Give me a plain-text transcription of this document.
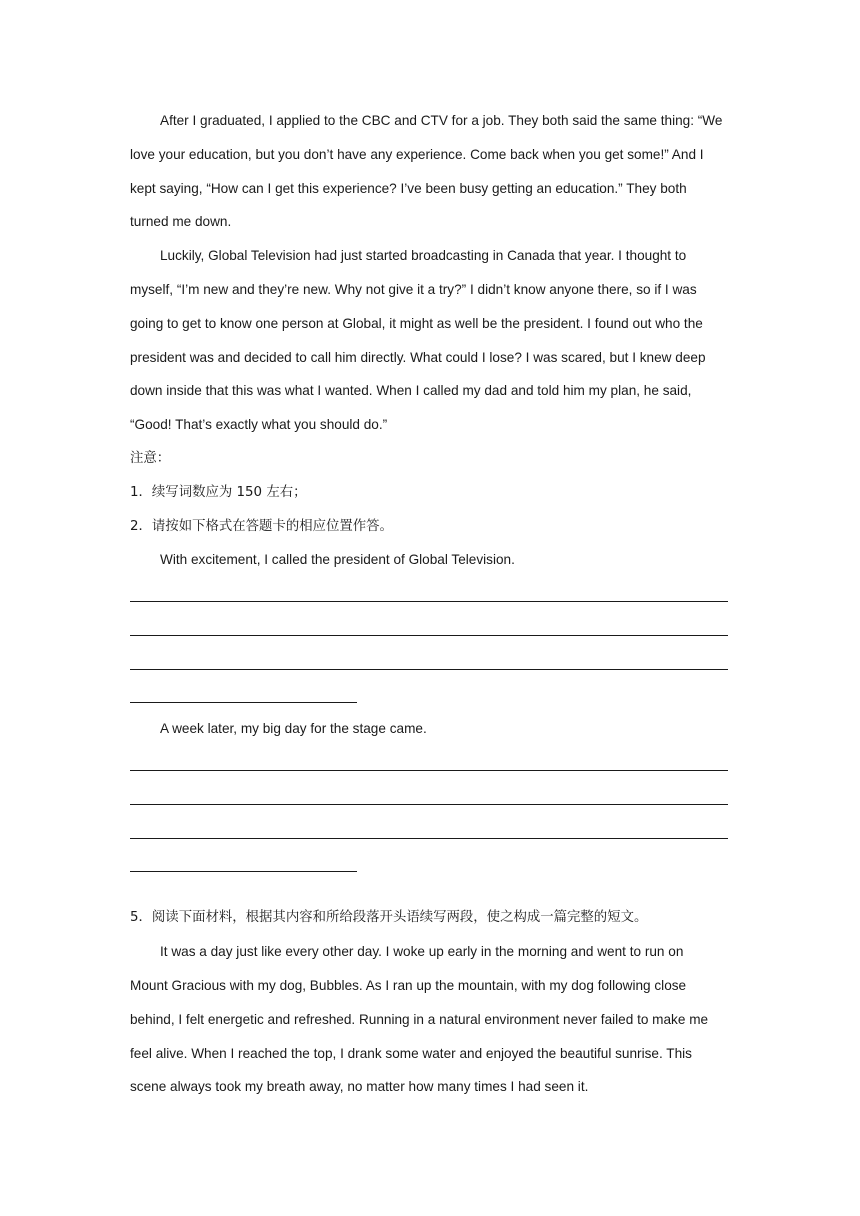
After I graduated, I applied to the CBC and CTV for a job. They both said the same thing: “We
love your education, but you don’t have any experience. Come back when you get some!” And I
kept saying, “How can I get this experience? I’ve been busy getting an education.” They both
turned me down.
Luckily, Global Television had just started broadcasting in Canada that year. I thought to
myself, “I’m new and they’re new. Why not give it a try?” I didn’t know anyone there, so if I was
going to get to know one person at Global, it might as well be the president. I found out who the
president was and decided to call him directly. What could I lose? I was scared, but I knew deep
down inside that this was what I wanted. When I called my dad and told him my plan, he said,
“Good! That’s exactly what you should do.”
注意：
1．续写词数应为 150 左右；
2．请按如下格式在答题卡的相应位置作答。
With excitement, I called the president of Global Television.
A week later, my big day for the stage came.
5．阅读下面材料，根据其内容和所给段落开头语续写两段，使之构成一篇完整的短文。
It was a day just like every other day. I woke up early in the morning and went to run on
Mount Gracious with my dog, Bubbles. As I ran up the mountain, with my dog following close
behind, I felt energetic and refreshed. Running in a natural environment never failed to make me
feel alive. When I reached the top, I drank some water and enjoyed the beautiful sunrise. This
scene always took my breath away, no matter how many times I had seen it.
